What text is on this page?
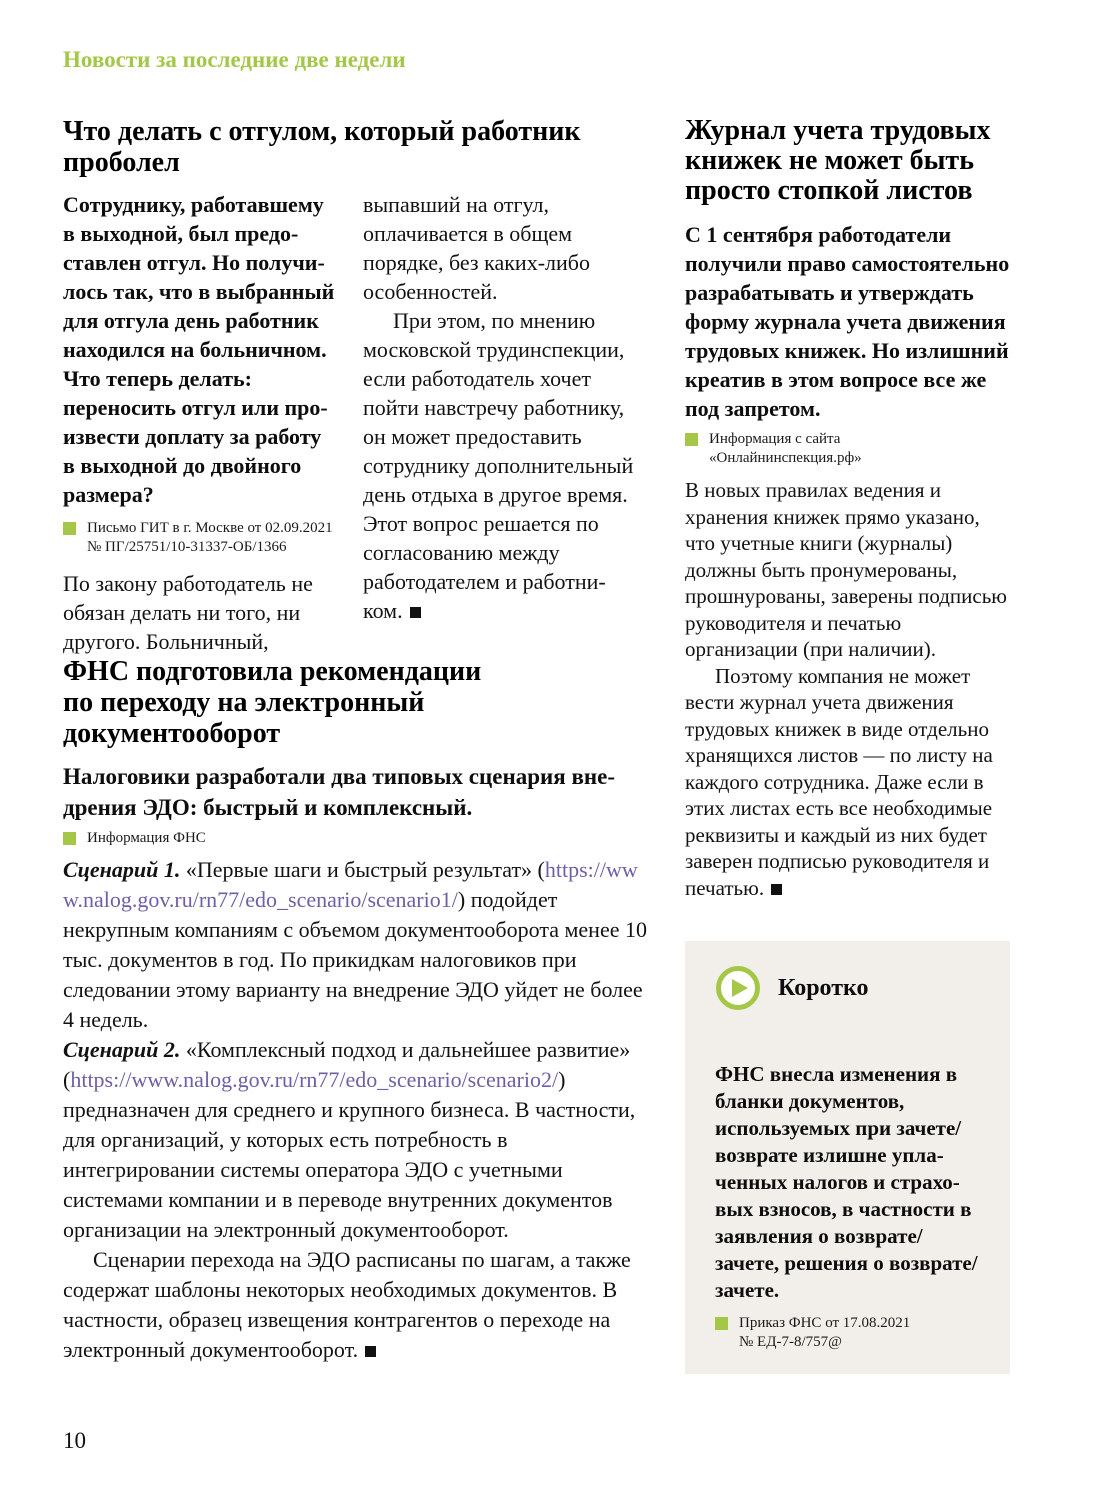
Новости за последние две недели
Что делать с отгулом, который работник проболел
Сотруднику, работавшему в выходной, был предоставлен отгул. Но получилось так, что в выбранный для отгула день работник находился на больничном. Что теперь делать: переносить отгул или произвести доплату за работу в выходной до двойного размера?
Письмо ГИТ в г. Москве от 02.09.2021 № ПГ/25751/10-31337-ОБ/1366

По закону работодатель не обязан делать ни того, ни другого. Больничный,

выпавший на отгул, оплачивается в общем порядке, без каких-либо особенностей.

При этом, по мнению московской трудинспекции, если работодатель хочет пойти навстречу работнику, он может предоставить сотруднику дополнительный день отдыха в другое время. Этот вопрос решается по согласованию между работодателем и работником.

Журнал учета трудовых книжек не может быть просто стопкой листов
С 1 сентября работодатели получили право самостоятельно разрабатывать и утверждать форму журнала учета движения трудовых книжек. Но излишний креатив в этом вопросе все же под запретом.
Информация с сайта «Онлайнинспекция.рф»

В новых правилах ведения и хранения книжек прямо указано, что учетные книги (журналы) должны быть пронумерованы, прошнурованы, заверены подписью руководителя и печатью организации (при наличии).

Поэтому компания не может вести журнал учета движения трудовых книжек в виде отдельно хранящихся листов — по листу на каждого сотрудника. Даже если в этих листах есть все необходимые реквизиты и каждый из них будет заверен подписью руководителя и печатью.

ФНС подготовила рекомендации по переходу на электронный документооборот
Налоговики разработали два типовых сценария внедрения ЭДО: быстрый и комплексный.
Информация ФНС

Сценарий 1. «Первые шаги и быстрый результат» (https://www.nalog.gov.ru/rn77/edo_scenario/scenario1/) подойдет некрупным компаниям с объемом документооборота менее 10 тыс. документов в год. По прикидкам налоговиков при следовании этому варианту на внедрение ЭДО уйдет не более 4 недель.

Сценарий 2. «Комплексный подход и дальнейшее развитие» (https://www.nalog.gov.ru/rn77/edo_scenario/scenario2/) предназначен для среднего и крупного бизнеса. В частности, для организаций, у которых есть потребность в интегрировании системы оператора ЭДО с учетными системами компании и в переводе внутренних документов организации на электронный документооборот.

Сценарии перехода на ЭДО расписаны по шагам, а также содержат шаблоны некоторых необходимых документов. В частности, образец извещения контрагентов о переходе на электронный документооборот.

Коротко
ФНС внесла изменения в бланки документов, используемых при зачете/возврате излишне уплаченных налогов и страховых взносов, в частности в заявления о возврате/зачете, решения о возврате/зачете.
Приказ ФНС от 17.08.2021 № ЕД-7-8/757@
10
